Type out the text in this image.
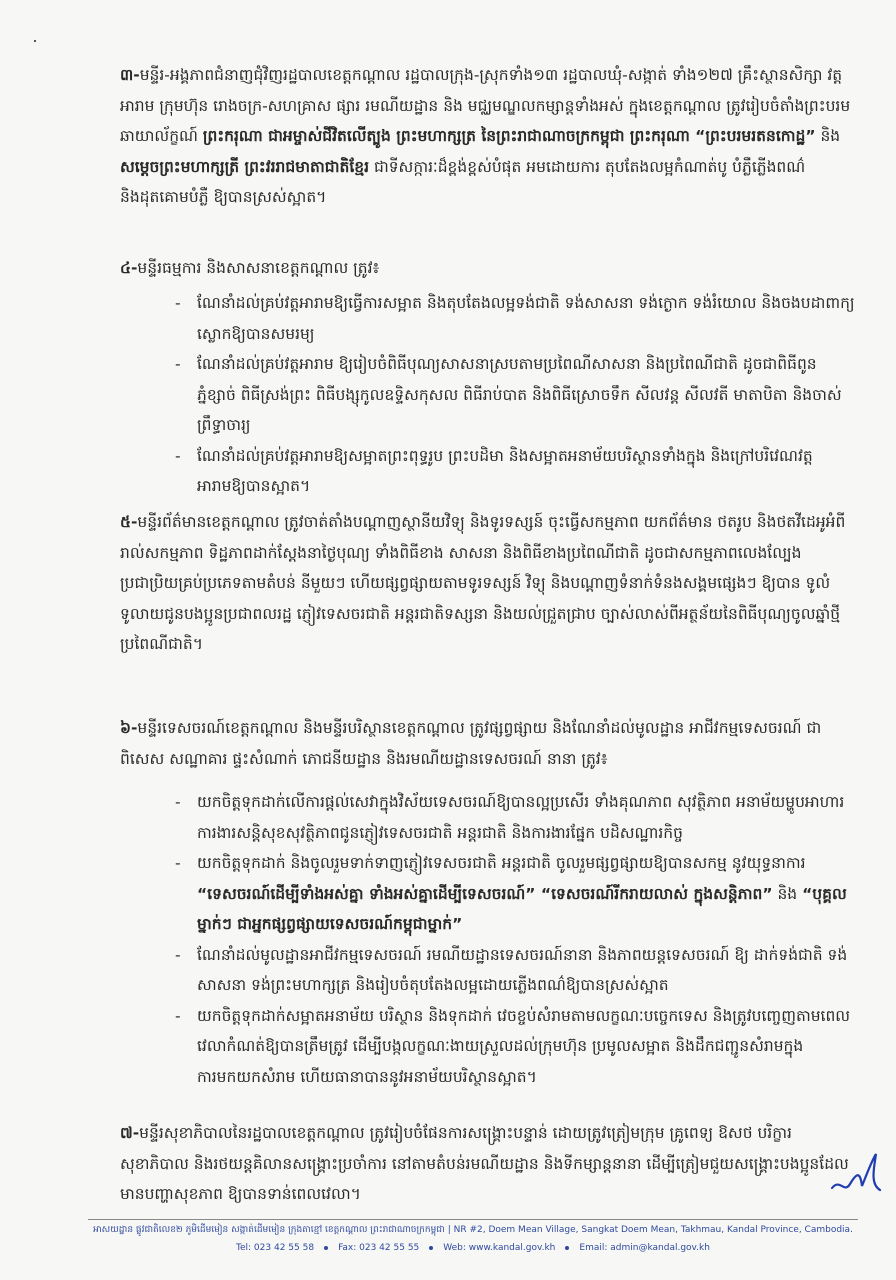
៣-មន្ទីរ-អង្គភាពជំនាញជុំវិញរដ្ឋបាលខេត្តកណ្តាល រដ្ឋបាលក្រុង-ស្រុកទាំង១៣ រដ្ឋបាលឃុំ-សង្កាត់ ទាំង១២៧ គ្រឹះស្ថានសិក្សា វត្តអារាម ក្រុមហ៊ុន រោងចក្រ-សហគ្រាស ផ្សារ រមណីយដ្ឋាន និង មជ្ឈមណ្ឌលកម្សាន្តទាំងអស់ ក្នុងខេត្តកណ្តាល ត្រូវរៀបចំតាំងព្រះបរមឆាយាល័ក្ខណ៍ ព្រះករុណា ជាអម្ចាស់ជីវិតលើត្បូង ព្រះមហាក្សត្រ នៃព្រះរាជាណាចក្រកម្ពុជា ព្រះករុណា “ព្រះបរមរតនកោដ្ឋ” និង សម្តេចព្រះមហាក្សត្រី ព្រះវររាជមាតាជាតិខ្មែរ ជាទីសក្ការៈដ៏ខ្ពង់ខ្ពស់បំផុត អមដោយការ តុបតែងលម្អកំណាត់បូ បំភ្លឺភ្លើងពណ៌ និងដុតគោមបំភ្លឺ ឱ្យបានស្រស់ស្អាត។
៤-មន្ទីរធម្មការ និងសាសនាខេត្តកណ្តាល ត្រូវ៖
-	ណែនាំដល់គ្រប់វត្តអារាមឱ្យធ្វើការសម្អាត និងតុបតែងលម្អទង់ជាតិ ទង់សាសនា ទង់ក្ងោក ទង់រំយោល និងចងបដាពាក្យស្លោកឱ្យបានសមរម្យ
-	ណែនាំដល់គ្រប់វត្តអារាម ឱ្យរៀបចំពិធីបុណ្យសាសនាស្របតាមប្រពៃណីសាសនា និងប្រពៃណីជាតិ ដូចជាពិធីពូនភ្នំខ្សាច់ ពិធីស្រង់ព្រះ ពិធីបង្សុកូលឧទ្ទិសកុសល ពិធីរាប់បាត និងពិធីស្រោចទឹក សីលវន្ត សីលវតី មាតាបិតា និងចាស់ព្រឹទ្ធាចារ្យ
-	ណែនាំដល់គ្រប់វត្តអារាមឱ្យសម្អាតព្រះពុទ្ធរូប ព្រះបដិមា និងសម្អាតអនាម័យបរិស្ថានទាំងក្នុង និងក្រៅបរិវេណវត្តអារាមឱ្យបានស្អាត។
៥-មន្ទីរព័ត៌មានខេត្តកណ្តាល ត្រូវចាត់តាំងបណ្តាញស្ថានីយវិទ្យុ និងទូរទស្សន៍ ចុះធ្វើសកម្មភាព យកព័ត៌មាន ថតរូប និងថតវីដេអូអំពីរាល់សកម្មភាព ទិដ្ឋភាពដាក់ស្តែងនាថ្ងៃបុណ្យ ទាំងពិធីខាង សាសនា និងពិធីខាងប្រពៃណីជាតិ ដូចជាសកម្មភាពលេងល្បែងប្រជាប្រិយគ្រប់ប្រភេទតាមតំបន់ នីមួយៗ ហើយផ្សព្វផ្សាយតាមទូរទស្សន៍ វិទ្យុ និងបណ្តាញទំនាក់ទំនងសង្គមផ្សេងៗ ឱ្យបាន ទូលំទូលាយជូនបងប្អូនប្រជាពលរដ្ឋ ភ្ញៀវទេសចរជាតិ អន្តរជាតិទស្សនា និងយល់ជ្រួតជ្រាប ច្បាស់លាស់ពីអត្ថន័យនៃពិធីបុណ្យចូលឆ្នាំថ្មីប្រពៃណីជាតិ។
៦-មន្ទីរទេសចរណ៍ខេត្តកណ្តាល និងមន្ទីរបរិស្ថានខេត្តកណ្តាល ត្រូវផ្សព្វផ្សាយ និងណែនាំដល់មូលដ្ឋាន អាជីវកម្មទេសចរណ៍ ជាពិសេស សណ្ឋាគារ ផ្ទះសំណាក់ ភោជនីយដ្ឋាន និងរមណីយដ្ឋានទេសចរណ៍ នានា ត្រូវ៖
-	យកចិត្តទុកដាក់លើការផ្តល់សេវាក្នុងវិស័យទេសចរណ៍ឱ្យបានល្អប្រសើរ ទាំងគុណភាព សុវត្ថិភាព អនាម័យម្ហូបអាហារ ការងារសន្តិសុខសុវត្ថិភាពជូនភ្ញៀវទេសចរជាតិ អន្តរជាតិ និងការងារផ្នែក បដិសណ្ឋារកិច្ច
-	យកចិត្តទុកដាក់ និងចូលរួមទាក់ទាញភ្ញៀវទេសចរជាតិ អន្តរជាតិ ចូលរួមផ្សព្វផ្សាយឱ្យបានសកម្ម នូវយុទ្ធនាការ “ទេសចរណ៍ដើម្បីទាំងអស់គ្នា ទាំងអស់គ្នាដើម្បីទេសចរណ៍” “ទេសចរណ៍រីករាយលាស់ ក្នុងសន្តិភាព” និង “បុគ្គលម្នាក់ៗ ជាអ្នកផ្សព្វផ្សាយទេសចរណ៍កម្ពុជាម្នាក់”
-	ណែនាំដល់មូលដ្ឋានអាជីវកម្មទេសចរណ៍ រមណីយដ្ឋានទេសចរណ៍នានា និងភាពយន្តទេសចរណ៍ ឱ្យ ដាក់ទង់ជាតិ ទង់សាសនា ទង់ព្រះមហាក្សត្រ និងរៀបចំតុបតែងលម្អដោយភ្លើងពណ៌ឱ្យបានស្រស់ស្អាត
-	យកចិត្តទុកដាក់សម្អាតអនាម័យ បរិស្ថាន និងទុកដាក់ វេចខ្ចប់សំរាមតាមលក្ខណៈបច្ចេកទេស និងត្រូវបញ្ចេញតាមពេលវេលាកំណត់ឱ្យបានត្រឹមត្រូវ ដើម្បីបង្កលក្ខណៈងាយស្រួលដល់ក្រុមហ៊ុន ប្រមូលសម្អាត និងដឹកជញ្ជូនសំរាមក្នុងការមកយកសំរាម ហើយធានាបាននូវអនាម័យបរិស្ថានស្អាត។
៧-មន្ទីរសុខាភិបាលនៃរដ្ឋបាលខេត្តកណ្តាល ត្រូវរៀបចំផែនការសង្គ្រោះបន្ទាន់ ដោយត្រូវត្រៀមក្រុម គ្រូពេទ្យ ឱសថ បរិក្ខារសុខាភិបាល និងរថយន្តគិលានសង្គ្រោះប្រចាំការ នៅតាមតំបន់រមណីយដ្ឋាន និងទីកម្សាន្តនានា ដើម្បីត្រៀមជួយសង្គ្រោះបងប្អូនដែលមានបញ្ហាសុខភាព ឱ្យបានទាន់ពេលវេលា។
អាសយដ្ឋាន ផ្លូវជាតិលេខ២ ភូមិដើមមៀន សង្កាត់ដើមមៀន ក្រុងតាខ្មៅ ខេត្តកណ្តាល ព្រះរាជាណាចក្រកម្ពុជា | NR #2, Doem Mean Village, Sangkat Doem Mean, Takhmau, Kandal Province, Cambodia.
Tel: 023 42 55 58	Fax: 023 42 55 55	Web: www.kandal.gov.kh	Email: admin@kandal.gov.kh
